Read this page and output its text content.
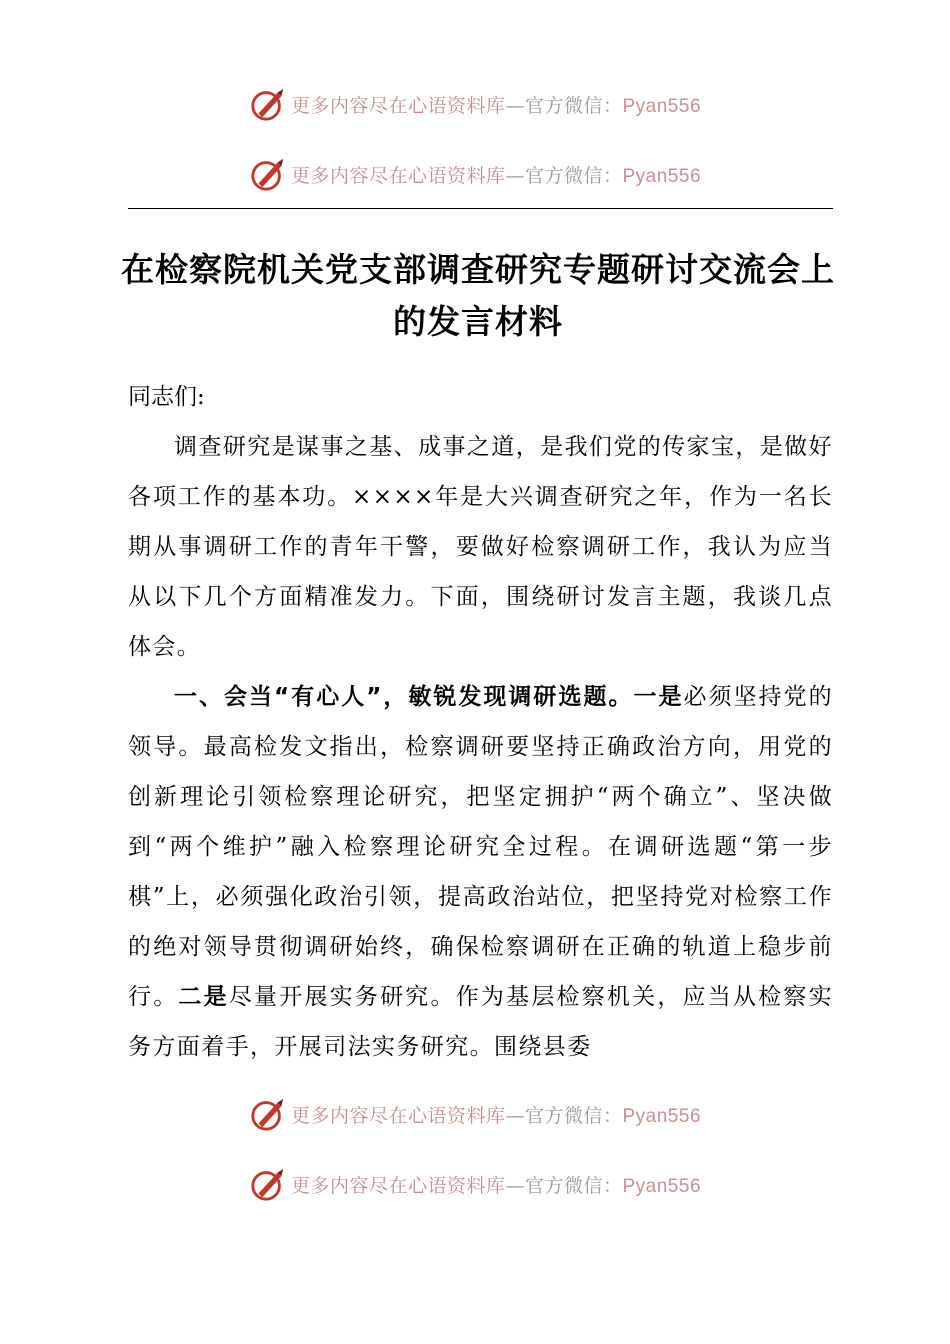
更多内容尽在心语资料库—官方微信：Pyan556
更多内容尽在心语资料库—官方微信：Pyan556
在检察院机关党支部调查研究专题研讨交流会上的发言材料
同志们:

调查研究是谋事之基、成事之道，是我们党的传家宝，是做好各项工作的基本功。××××年是大兴调查研究之年，作为一名长期从事调研工作的青年干警，要做好检察调研工作，我认为应当从以下几个方面精准发力。下面，围绕研讨发言主题，我谈几点体会。

一、会当“有心人”，敏锐发现调研选题。一是必须坚持党的领导。最高检发文指出，检察调研要坚持正确政治方向，用党的创新理论引领检察理论研究，把坚定拥护“两个确立”、坚决做到“两个维护”融入检察理论研究全过程。在调研选题“第一步棋”上，必须强化政治引领，提高政治站位，把坚持党对检察工作的绝对领导贯彻调研始终，确保检察调研在正确的轨道上稳步前行。二是尽量开展实务研究。作为基层检察机关，应当从检察实务方面着手，开展司法实务研究。围绕县委

更多内容尽在心语资料库—官方微信：Pyan556
更多内容尽在心语资料库—官方微信：Pyan556
